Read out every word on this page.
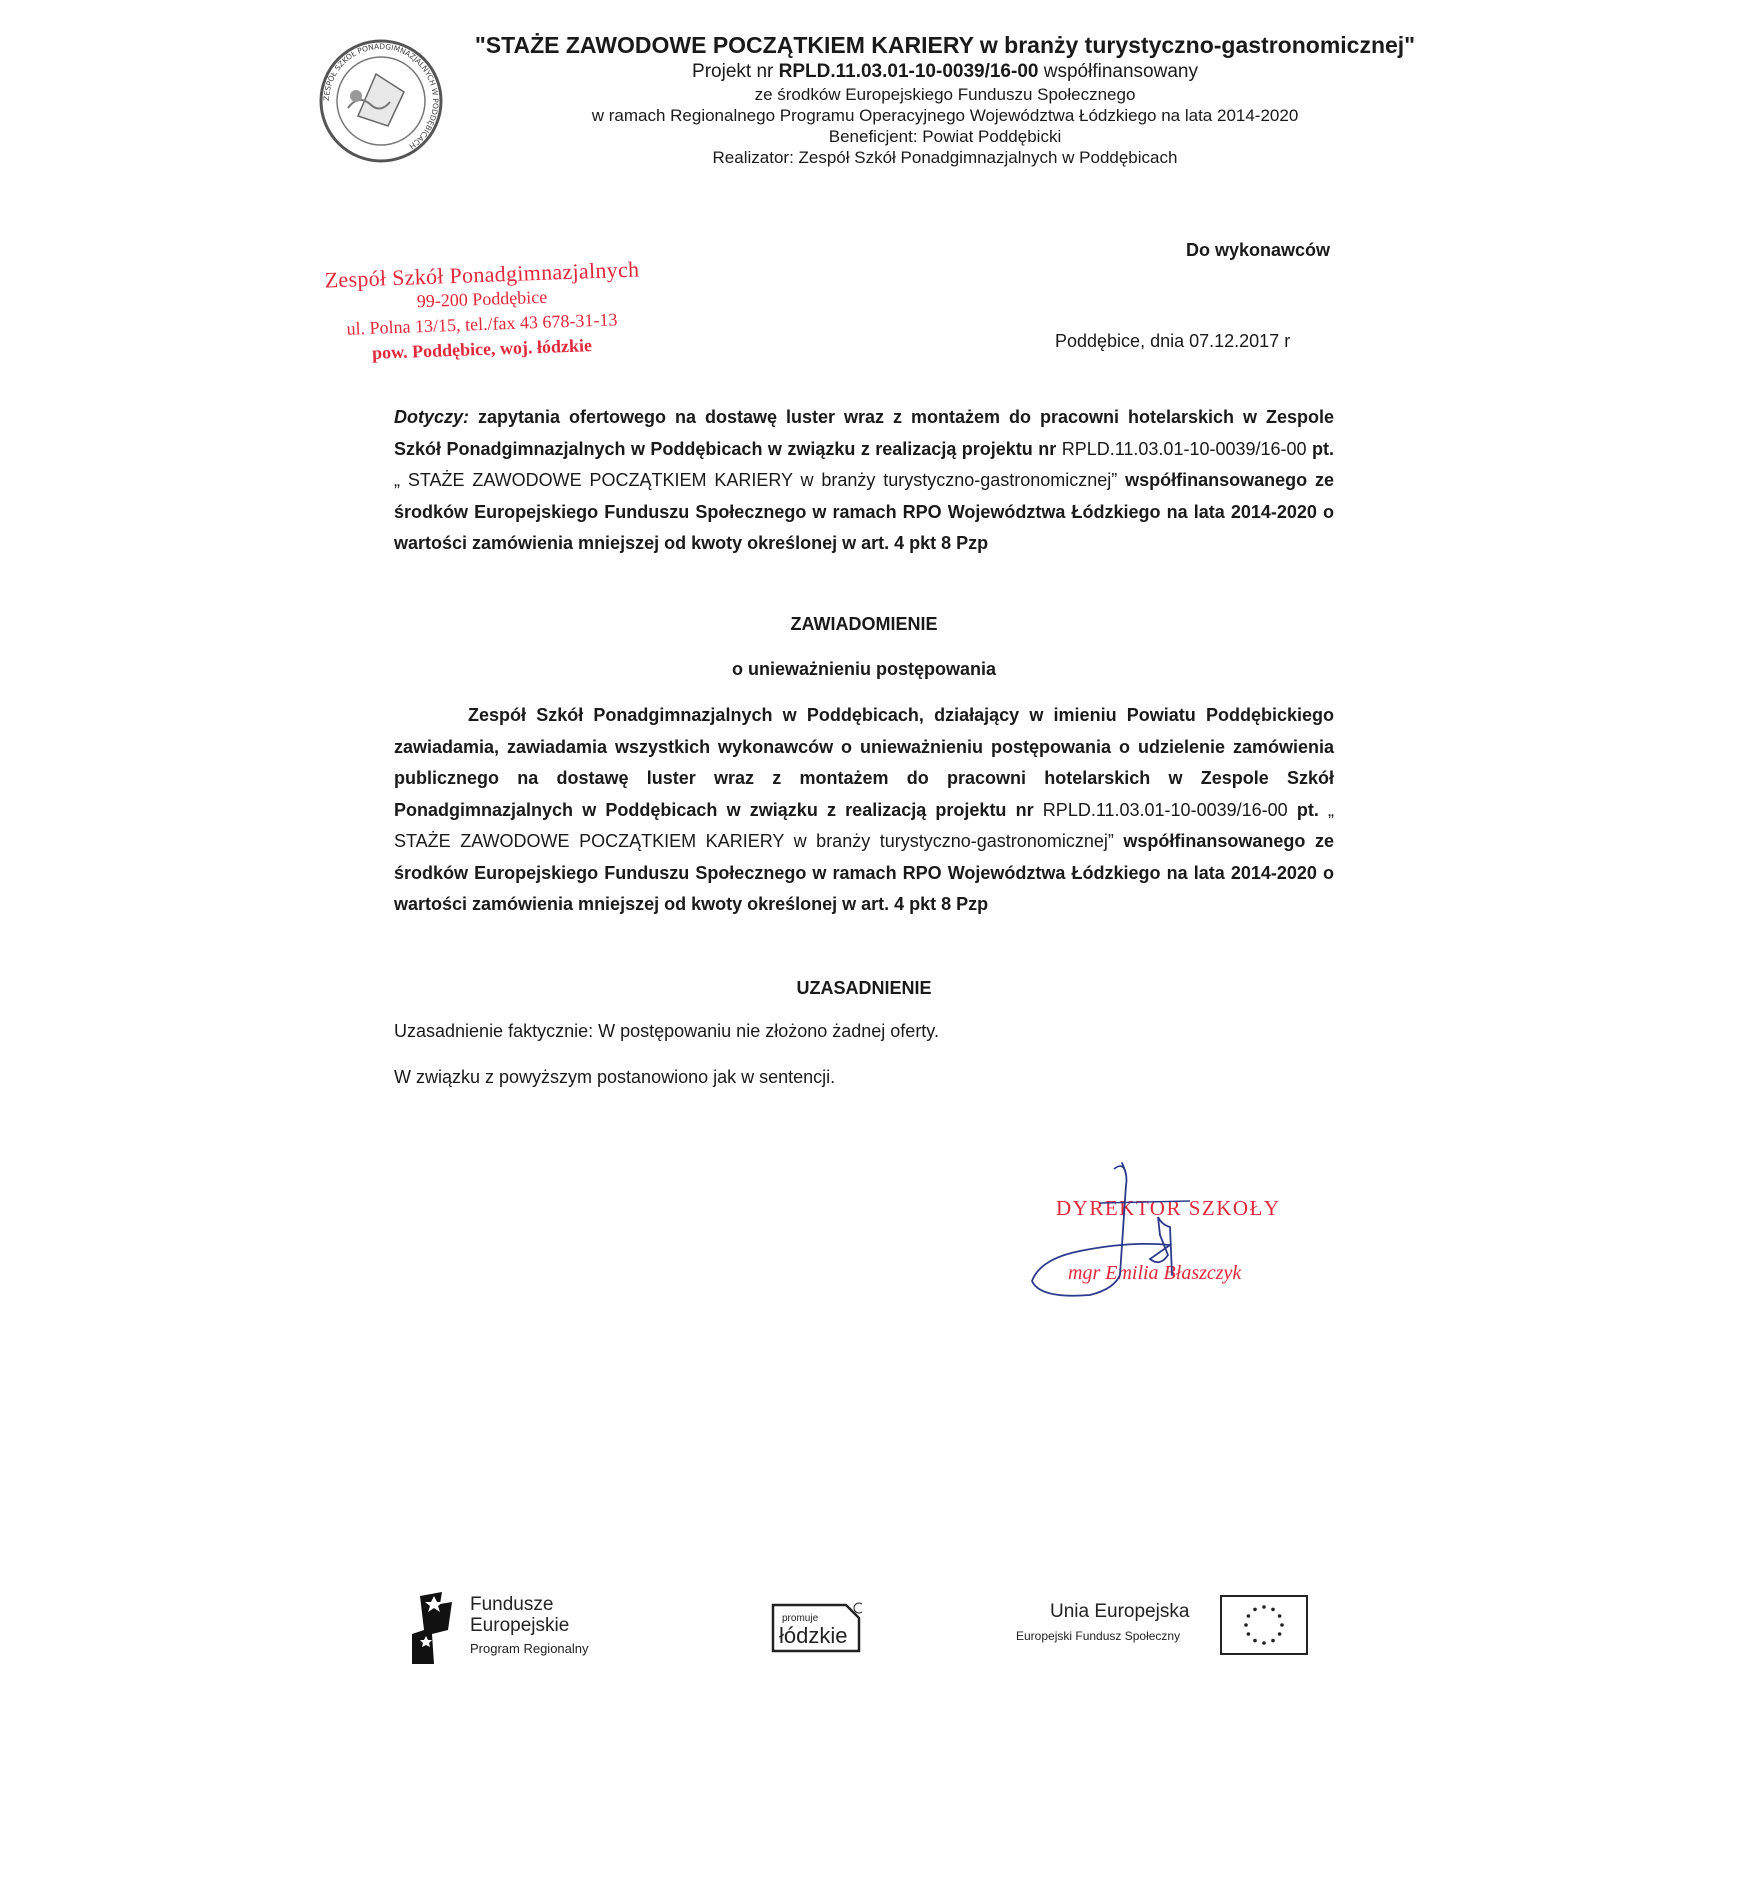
ZESPÓŁ SZKÓŁ PONADGIMNAZJALNYCH W PODDĘBICACH
"STAŻE ZAWODOWE POCZĄTKIEM KARIERY w branży turystyczno-gastronomicznej"
Projekt nr RPLD.11.03.01-10-0039/16-00 współfinansowany
ze środków Europejskiego Funduszu Społecznego
w ramach Regionalnego Programu Operacyjnego Województwa Łódzkiego na lata 2014-2020
Beneficjent: Powiat Poddębicki
Realizator: Zespół Szkół Ponadgimnazjalnych w Poddębicach
Zespół Szkół Ponadgimnazjalnych
99-200 Poddębice
ul. Polna 13/15, tel./fax 43 678-31-13
pow. Poddębice, woj. łódzkie
Do wykonawców
Poddębice, dnia 07.12.2017 r
Dotyczy: zapytania ofertowego na dostawę luster wraz z montażem do pracowni hotelarskich w Zespole Szkół Ponadgimnazjalnych w Poddębicach w związku z realizacją projektu nr RPLD.11.03.01-10-0039/16-00 pt. „ STAŻE ZAWODOWE POCZĄTKIEM KARIERY w branży turystyczno-gastronomicznej” współfinansowanego ze środków Europejskiego Funduszu Społecznego w ramach RPO Województwa Łódzkiego na lata 2014-2020 o wartości zamówienia mniejszej od kwoty określonej w art. 4 pkt 8 Pzp
ZAWIADOMIENIE
o unieważnieniu postępowania
Zespół Szkół Ponadgimnazjalnych w Poddębicach, działający w imieniu Powiatu Poddębickiego zawiadamia, zawiadamia wszystkich wykonawców o unieważnieniu postępowania o udzielenie zamówienia publicznego na dostawę luster wraz z montażem do pracowni hotelarskich w Zespole Szkół Ponadgimnazjalnych w Poddębicach w związku z realizacją projektu nr RPLD.11.03.01-10-0039/16-00 pt. „ STAŻE ZAWODOWE POCZĄTKIEM KARIERY w branży turystyczno-gastronomicznej” współfinansowanego ze środków Europejskiego Funduszu Społecznego w ramach RPO Województwa Łódzkiego na lata 2014-2020 o wartości zamówienia mniejszej od kwoty określonej w art. 4 pkt 8 Pzp
UZASADNIENIE
Uzasadnienie faktycznie: W postępowaniu nie złożono żadnej oferty.
W związku z powyższym postanowiono jak w sentencji.
DYREKTOR SZKOŁY
mgr Emilia Błaszczyk
Fundusze
Europejskie
Program Regionalny
promuje
łódzkie
Unia Europejska
Europejski Fundusz Społeczny
